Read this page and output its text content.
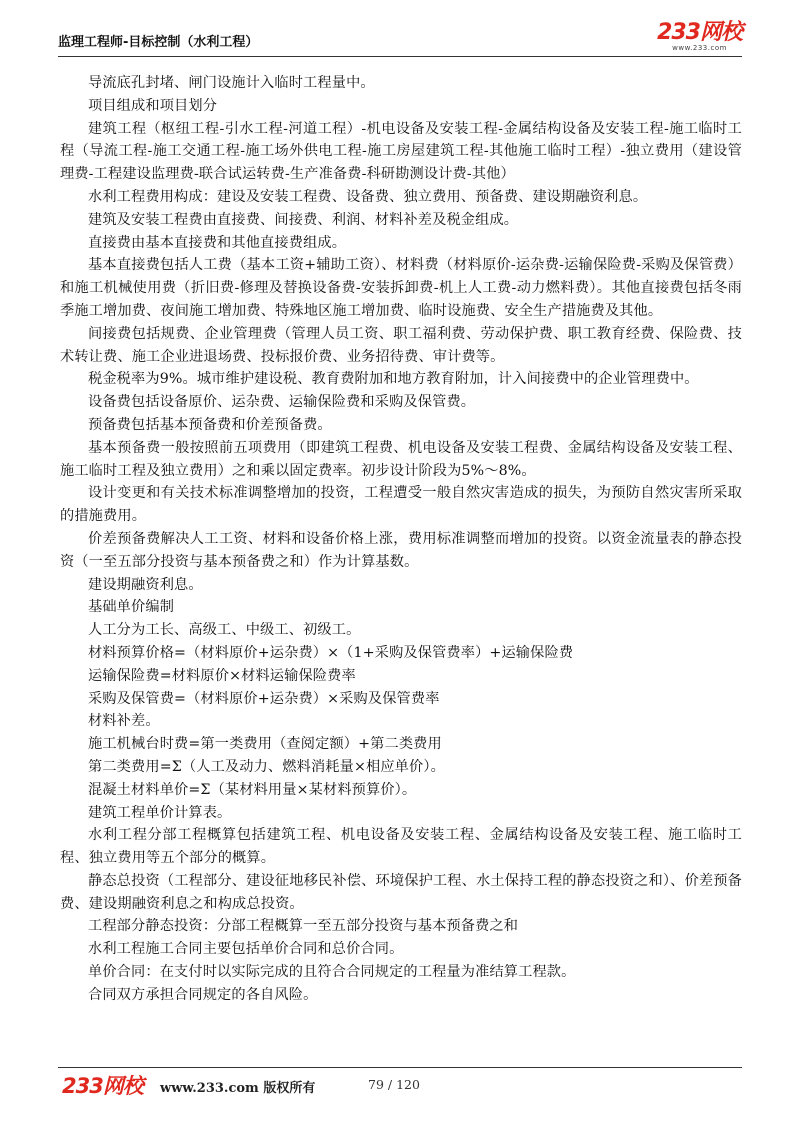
监理工程师-目标控制（水利工程）	233网校
www.233.com

导流底孔封堵、闸门设施计入临时工程量中。

项目组成和项目划分

建筑工程（枢纽工程-引水工程-河道工程）-机电设备及安装工程-金属结构设备及安装工程-施工临时工程（导流工程-施工交通工程-施工场外供电工程-施工房屋建筑工程-其他施工临时工程）-独立费用（建设管理费-工程建设监理费-联合试运转费-生产准备费-科研勘测设计费-其他）

水利工程费用构成：建设及安装工程费、设备费、独立费用、预备费、建设期融资利息。

建筑及安装工程费由直接费、间接费、利润、材料补差及税金组成。

直接费由基本直接费和其他直接费组成。

基本直接费包括人工费（基本工资+辅助工资）、材料费（材料原价-运杂费-运输保险费-采购及保管费）和施工机械使用费（折旧费-修理及替换设备费-安装拆卸费-机上人工费-动力燃料费）。其他直接费包括冬雨季施工增加费、夜间施工增加费、特殊地区施工增加费、临时设施费、安全生产措施费及其他。

间接费包括规费、企业管理费（管理人员工资、职工福利费、劳动保护费、职工教育经费、保险费、技术转让费、施工企业进退场费、投标报价费、业务招待费、审计费等。

税金税率为9%。城市维护建设税、教育费附加和地方教育附加，计入间接费中的企业管理费中。

设备费包括设备原价、运杂费、运输保险费和采购及保管费。

预备费包括基本预备费和价差预备费。

基本预备费一般按照前五项费用（即建筑工程费、机电设备及安装工程费、金属结构设备及安装工程、施工临时工程及独立费用）之和乘以固定费率。初步设计阶段为5%～8%。

设计变更和有关技术标准调整增加的投资，工程遭受一般自然灾害造成的损失，为预防自然灾害所采取的措施费用。

价差预备费解决人工工资、材料和设备价格上涨，费用标准调整而增加的投资。以资金流量表的静态投资（一至五部分投资与基本预备费之和）作为计算基数。

建设期融资利息。

基础单价编制

人工分为工长、高级工、中级工、初级工。

材料预算价格=（材料原价+运杂费）×（1+采购及保管费率）+运输保险费

运输保险费=材料原价×材料运输保险费率

采购及保管费=（材料原价+运杂费）×采购及保管费率

材料补差。

施工机械台时费=第一类费用（查阅定额）+第二类费用

第二类费用=Σ（人工及动力、燃料消耗量×相应单价）。

混凝土材料单价=Σ（某材料用量×某材料预算价）。

建筑工程单价计算表。

水利工程分部工程概算包括建筑工程、机电设备及安装工程、金属结构设备及安装工程、施工临时工程、独立费用等五个部分的概算。

静态总投资（工程部分、建设征地移民补偿、环境保护工程、水土保持工程的静态投资之和）、价差预备费、建设期融资利息之和构成总投资。

工程部分静态投资：分部工程概算一至五部分投资与基本预备费之和

水利工程施工合同主要包括单价合同和总价合同。

单价合同：在支付时以实际完成的且符合合同规定的工程量为准结算工程款。

合同双方承担合同规定的各自风险。

233网校 www.233.com 版权所有	79 / 120
